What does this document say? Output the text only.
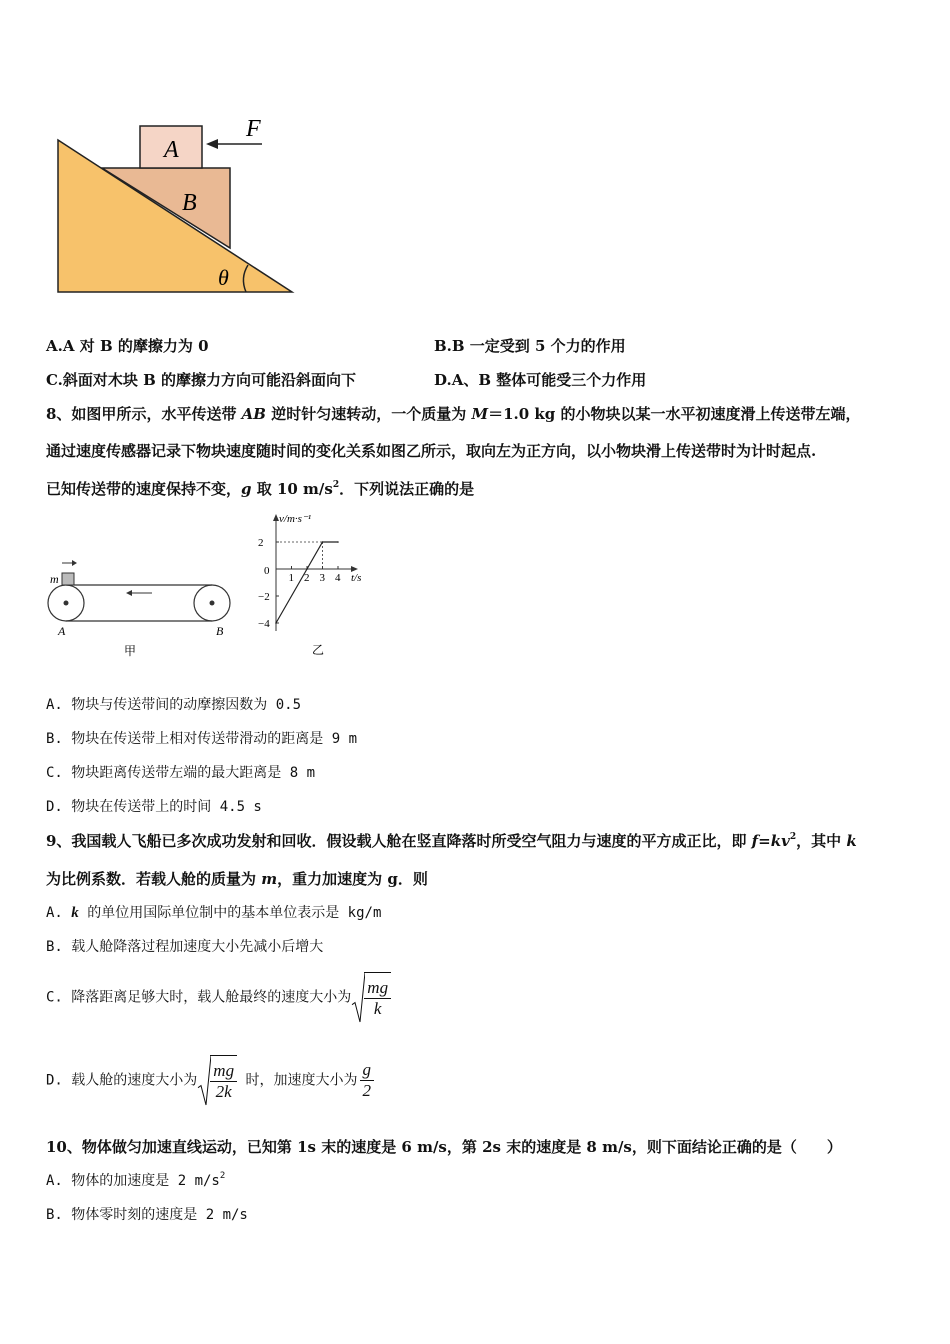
A
B
F
θ
A.A 对 B 的摩擦力为 0	B.B 一定受到 5 个力的作用
C.斜面对木块 B 的摩擦力方向可能沿斜面向下	D.A、B 整体可能受三个力作用
8、如图甲所示，水平传送带 AB 逆时针匀速转动，一个质量为 M＝1.0 kg 的小物块以某一水平初速度滑上传送带左端，
通过速度传感器记录下物块速度随时间的变化关系如图乙所示，取向左为正方向，以小物块滑上传送带时为计时起点.
已知传送带的速度保持不变，g 取 10 $m/s^2$．下列说法正确的是
m
A	B
甲
2
−2
−4
1 2 3 4
v/m·s⁻¹
t/s
0
乙
A. 物块与传送带间的动摩擦因数为 0.5
B. 物块在传送带上相对传送带滑动的距离是 9 m
C. 物块距离传送带左端的最大距离是 8 m
D. 物块在传送带上的时间 4.5 s
9、我国载人飞船已多次成功发射和回收．假设载人舱在竖直降落时所受空气阻力与速度的平方成正比，即 $f=kv^2$，其中 k
为比例系数．若载人舱的质量为 m，重力加速度为 g．则
A. k 的单位用国际单位制中的基本单位表示是 kg/m
B. 载人舱降落过程加速度大小先减小后增大
C. 降落距离足够大时，载人舱最终的速度大小为 $\frac{mg}{k}$
D. 载人舱的速度大小为 $\frac{mg}{2k}$ 时，加速度大小为 $\frac{g}{2}$
10、物体做匀加速直线运动，已知第 1s 末的速度是 6 m/s，第 2s 末的速度是 8 m/s，则下面结论正确的是（　　）
A. 物体的加速度是 2 $m/s^2$
B. 物体零时刻的速度是 2 m/s
